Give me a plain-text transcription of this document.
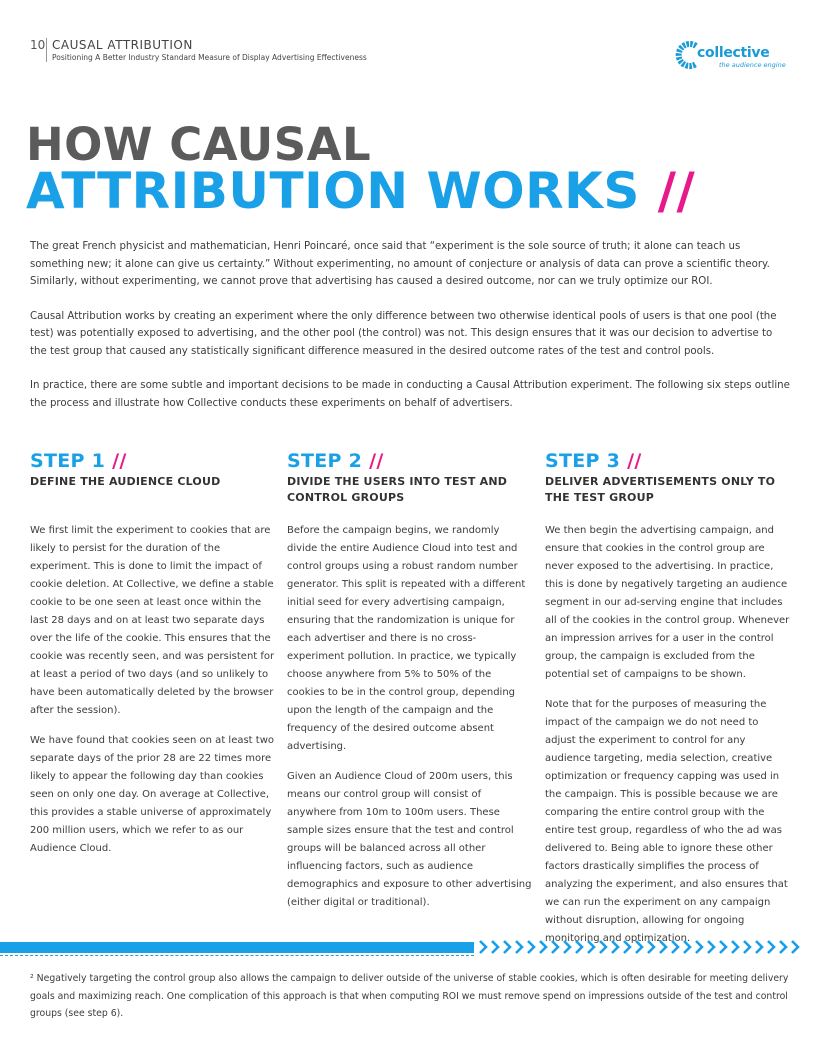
10 CAUSAL ATTRIBUTION
Positioning A Better Industry Standard Measure of Display Advertising Effectiveness	collective
the audience engine
HOW CAUSAL
ATTRIBUTION WORKS //

The great French physicist and mathematician, Henri Poincaré, once said that “experiment is the sole source of truth; it alone can teach us something new; it alone can give us certainty.” Without experimenting, no amount of conjecture or analysis of data can prove a scientific theory. Similarly, without experimenting, we cannot prove that advertising has caused a desired outcome, nor can we truly optimize our ROI.

Causal Attribution works by creating an experiment where the only difference between two otherwise identical pools of users is that one pool (the test) was potentially exposed to advertising, and the other pool (the control) was not. This design ensures that it was our decision to advertise to the test group that caused any statistically significant difference measured in the desired outcome rates of the test and control pools.

In practice, there are some subtle and important decisions to be made in conducting a Causal Attribution experiment. The following six steps outline the process and illustrate how Collective conducts these experiments on behalf of advertisers.

STEP 1 //
DEFINE THE AUDIENCE CLOUD

We first limit the experiment to cookies that are likely to persist for the duration of the experiment. This is done to limit the impact of cookie deletion. At Collective, we define a stable cookie to be one seen at least once within the last 28 days and on at least two separate days over the life of the cookie. This ensures that the cookie was recently seen, and was persistent for at least a period of two days (and so unlikely to have been automatically deleted by the browser after the session).

We have found that cookies seen on at least two separate days of the prior 28 are 22 times more likely to appear the following day than cookies seen on only one day. On average at Collective, this provides a stable universe of approximately 200 million users, which we refer to as our Audience Cloud.

STEP 2 //
DIVIDE THE USERS INTO TEST AND CONTROL GROUPS

Before the campaign begins, we randomly divide the entire Audience Cloud into test and control groups using a robust random number generator. This split is repeated with a different initial seed for every advertising campaign, ensuring that the randomization is unique for each advertiser and there is no cross-experiment pollution. In practice, we typically choose anywhere from 5% to 50% of the cookies to be in the control group, depending upon the length of the campaign and the frequency of the desired outcome absent advertising.

Given an Audience Cloud of 200m users, this means our control group will consist of anywhere from 10m to 100m users. These sample sizes ensure that the test and control groups will be balanced across all other influencing factors, such as audience demographics and exposure to other advertising (either digital or traditional).

STEP 3 //
DELIVER ADVERTISEMENTS ONLY TO THE TEST GROUP

We then begin the advertising campaign, and ensure that cookies in the control group are never exposed to the advertising. In practice, this is done by negatively targeting an audience segment in our ad-serving engine that includes all of the cookies in the control group. Whenever an impression arrives for a user in the control group, the campaign is excluded from the potential set of campaigns to be shown.

Note that for the purposes of measuring the impact of the campaign we do not need to adjust the experiment to control for any audience targeting, media selection, creative optimization or frequency capping was used in the campaign. This is possible because we are comparing the entire control group with the entire test group, regardless of who the ad was delivered to. Being able to ignore these other factors drastically simplifies the process of analyzing the experiment, and also ensures that we can run the experiment on any campaign without disruption, allowing for ongoing monitoring and optimization.

² Negatively targeting the control group also allows the campaign to deliver outside of the universe of stable cookies, which is often desirable for meeting delivery goals and maximizing reach. One complication of this approach is that when computing ROI we must remove spend on impressions outside of the test and control groups (see step 6).
